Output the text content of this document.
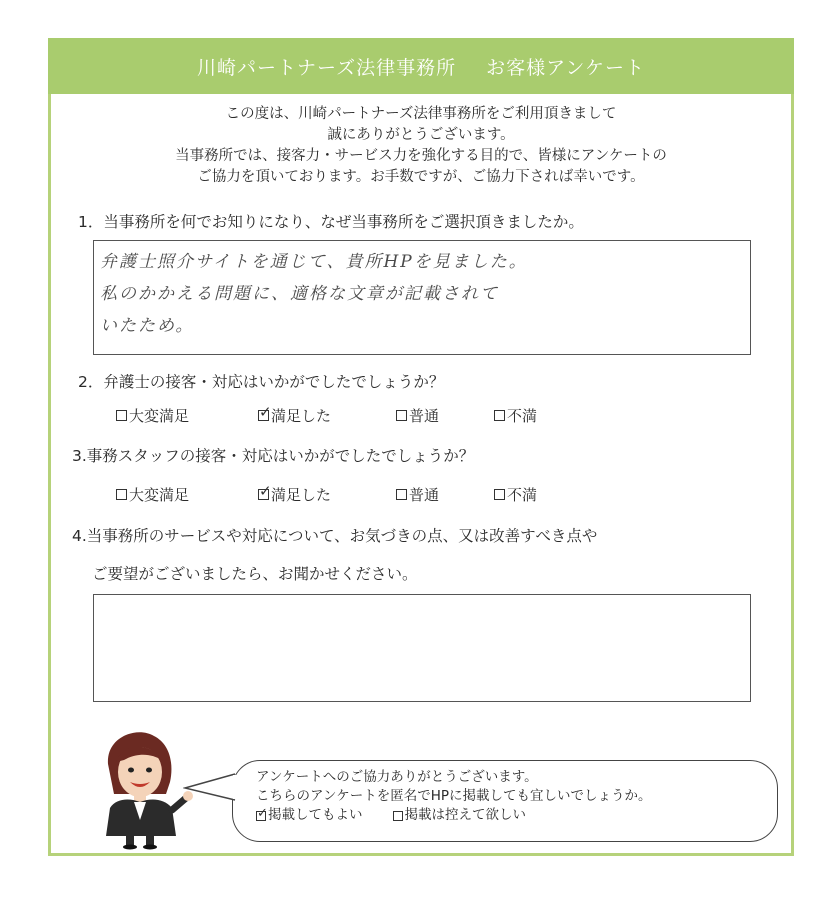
川崎パートナーズ法律事務所 お客様アンケート
この度は、川崎パートナーズ法律事務所をご利用頂きまして
誠にありがとうございます。
当事務所では、接客力・サービス力を強化する目的で、皆様にアンケートの
ご協力を頂いております。お手数ですが、ご協力下されば幸いです。
1．当事務所を何でお知りになり、なぜ当事務所をご選択頂きましたか。
弁護士照介サイトを通じて、貴所HPを見ました。
私のかかえる問題に、適格な文章が記載されて
いたため。
2．弁護士の接客・対応はいかがでしたでしょうか？
大変満足	✓ 満足した	普通	不満
3.事務スタッフの接客・対応はいかがでしたでしょうか？
大変満足	✓ 満足した	普通	不満
4.当事務所のサービスや対応について、お気づきの点、又は改善すべき点や
ご要望がございましたら、お聞かせください。
アンケートへのご協力ありがとうございます。
こちらのアンケートを匿名でHPに掲載しても宜しいでしょうか。
✓ 掲載してもよい	掲載は控えて欲しい
